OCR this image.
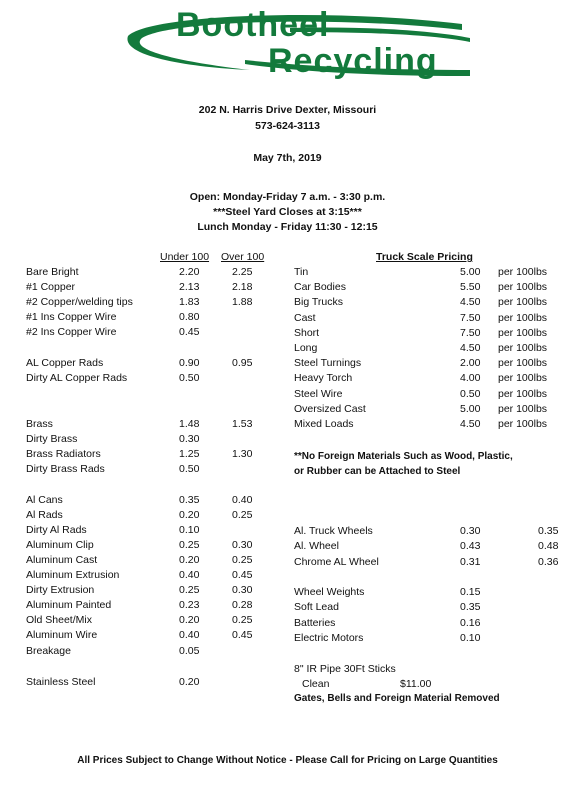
Bootheel
Recycling
202 N. Harris Drive Dexter, Missouri
573-624-3113
May 7th, 2019
Open: Monday-Friday 7 a.m. - 3:30 p.m.
***Steel Yard Closes at 3:15***
Lunch Monday - Friday 11:30 - 12:15
Under 100 Over 100
Bare Bright	2.20	2.25
#1 Copper	2.13	2.18
#2 Copper/welding tips	1.83	1.88
#1 Ins Copper Wire	0.80
#2 Ins Copper Wire	0.45
AL Copper Rads	0.90	0.95
Dirty AL Copper Rads	0.50
Brass	1.48	1.53
Dirty Brass	0.30
Brass Radiators	1.25	1.30
Dirty Brass Rads	0.50
Al Cans	0.35	0.40
Al Rads	0.20	0.25
Dirty Al Rads	0.10
Aluminum Clip	0.25	0.30
Aluminum Cast	0.20	0.25
Aluminum Extrusion	0.40	0.45
Dirty Extrusion	0.25	0.30
Aluminum Painted	0.23	0.28
Old Sheet/Mix	0.20	0.25
Aluminum Wire	0.40	0.45
Breakage	0.05
Stainless Steel	0.20
Truck Scale Pricing
Tin	5.00 per 100lbs
Car Bodies	5.50 per 100lbs
Big Trucks	4.50 per 100lbs
Cast	7.50 per 100lbs
Short	7.50 per 100lbs
Long	4.50 per 100lbs
Steel Turnings	2.00 per 100lbs
Heavy Torch	4.00 per 100lbs
Steel Wire	0.50 per 100lbs
Oversized Cast	5.00 per 100lbs
Mixed Loads	4.50 per 100lbs
**No Foreign Materials Such as Wood, Plastic,
or Rubber can be Attached to Steel
Al. Truck Wheels	0.30	0.35
Al. Wheel	0.43	0.48
Chrome AL Wheel	0.31	0.36
Wheel Weights	0.15
Soft Lead	0.35
Batteries	0.16
Electric Motors	0.10
8" IR Pipe 30Ft Sticks
Clean	$11.00
Gates, Bells and Foreign Material Removed
All Prices Subject to Change Without Notice - Please Call for Pricing on Large Quantities
